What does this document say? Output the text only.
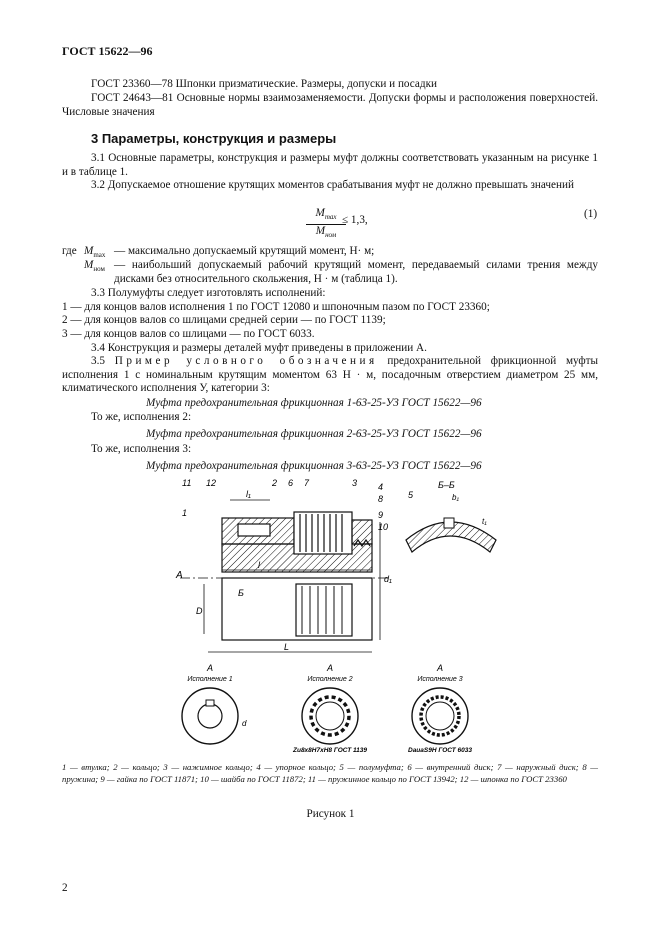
ГОСТ 15622—96
ГОСТ 23360—78 Шпонки призматические. Размеры, допуски и посадки
ГОСТ 24643—81 Основные нормы взаимозаменяемости. Допуски формы и расположения поверхностей. Числовые значения
3 Параметры, конструкция и размеры
3.1 Основные параметры, конструкция и размеры муфт должны соответствовать указанным на рисунке 1 и в таблице 1.
3.2 Допускаемое отношение крутящих моментов срабатывания муфт не должно превышать значений
$M_{max}$
$M_{ном}$
≤ 1,3,	(1)
где $M_{max}$ — максимально допускаемый крутящий момент, Н· м;
$M_{ном}$ — наибольший допускаемый рабочий крутящий момент, передаваемый силами трения между дисками без относительного скольжения, Н · м (таблица 1).
3.3 Полумуфты следует изготовлять исполнений:
1 — для концов валов исполнения 1 по ГОСТ 12080 и шпоночным пазом по ГОСТ 23360;
2 — для концов валов со шлицами средней серии — по ГОСТ 1139;
3 — для концов валов со шлицами — по ГОСТ 6033.
3.4 Конструкция и размеры деталей муфт приведены в приложении А.
3.5 Пример условного обозначения предохранительной фрикционной муфты исполнения 1 с номинальным крутящим моментом 63 Н · м, посадочным отверстием диаметром 25 мм, климатического исполнения У, категории 3:
Муфта предохранительная фрикционная 1-63-25-У3 ГОСТ 15622—96
То же, исполнения 2:
Муфта предохранительная фрикционная 2-63-25-У3 ГОСТ 15622—96
То же, исполнения 3:
Муфта предохранительная фрикционная 3-63-25-У3 ГОСТ 15622—96
l₁
l
L
d₁
D
А
Б
11 12	2 6 7	3 4
8
9
10
1
Б–Б
5	b₁
t₁
А
Исполнение 1
d
А
Исполнение 2
Zи8х8Н7хН8 ГОСТ 1139
А
Исполнение 3
DaиaS9Н ГОСТ 6033
1 — втулка; 2 — кольцо; 3 — нажимное кольцо; 4 — упорное кольцо; 5 — полумуфта; 6 — внутренний диск; 7 — наружный диск; 8 — пружина; 9 — гайка по ГОСТ 11871; 10 — шайба по ГОСТ 11872; 11 — пружинное кольцо по ГОСТ 13942; 12 — шпонка по ГОСТ 23360
Рисунок 1
2
